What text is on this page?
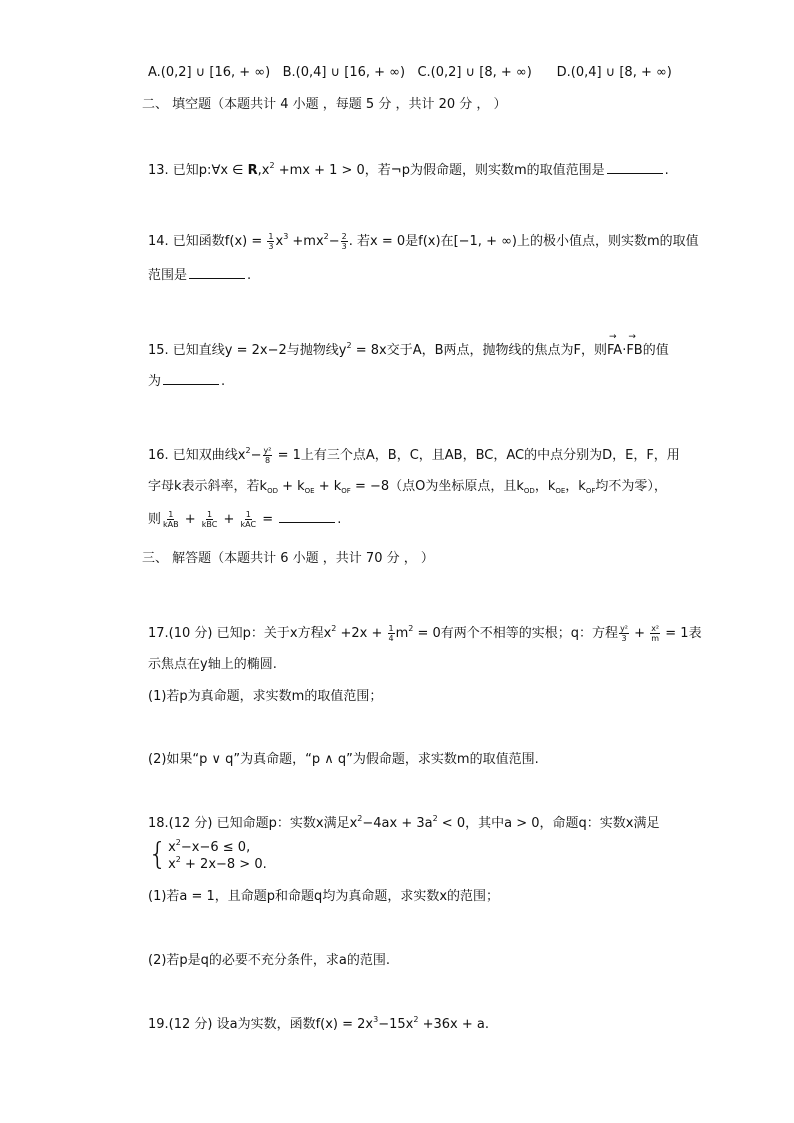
A.(0,2] ∪ [16, + ∞) B.(0,4] ∪ [16, + ∞) C.(0,2] ∪ [8, + ∞) D.(0,4] ∪ [8, + ∞)
二、 填空题（本题共计 4 小题 ，每题 5 分 ，共计 20 分 ， ）
13. 已知p:∀x ∈ $R,x^2 +mx + 1 > 0$，若¬p为假命题，则实数m的取值范围是	.
14. 已知函数$f(x) = \frac{1}{3} x^3 +mx^2- \frac{2}{3}$ . 若x = 0是f(x)在[−1, + ∞)上的极小值点，则实数m的取值
范围是	.
15. 已知直线y = 2x−2与抛物线$y^2 = 8x$交于A，B两点，抛物线的焦点为F，则→ FA·→ FB的值
为	.
16. 已知双曲线$x^2- \frac{\text{y²}}{8} = 1$上有三个点A，B，C，且AB，BC，AC的中点分别为D，E，F，用
字母k表示斜率，若$k_{OD} + k_{OE} + k_{OF} = -8$（点O为坐标原点，且$k_{OD}$，$k_{OE}$，$k_{OF}$均不为零），
则 $\frac{1}{\text{kAB}} + \frac{1}{\text{kBC}} + \frac{1}{\text{kAC}}$ =	.
三、 解答题（本题共计 6 小题 ，共计 70 分 ， ）
17.(10 分) 已知p：关于x方程$x^2 +2x + \frac{1}{4} m^2 = 0$有两个不相等的实根；q：方程 $\frac{\text{y²}}{3} + \frac{\text{x²}}{m} = 1$表
示焦点在y轴上的椭圆.
(1)若p为真命题，求实数m的取值范围；
(2)如果“p ∨ q”为真命题，“p ∧ q”为假命题，求实数m的取值范围.
18.(12 分) 已知命题p：实数x满足$x^2-4ax + 3a^2 < 0$，其中a > 0，命题q：实数x满足
{ $x^2-x-6 \le 0$,
$x^2 + 2x-8 > 0$.
(1)若a = 1，且命题p和命题q均为真命题，求实数x的范围；
(2)若p是q的必要不充分条件，求a的范围.
19.(12 分) 设a为实数，函数$f(x) = 2x^3-15x^2 +36x + a$.
